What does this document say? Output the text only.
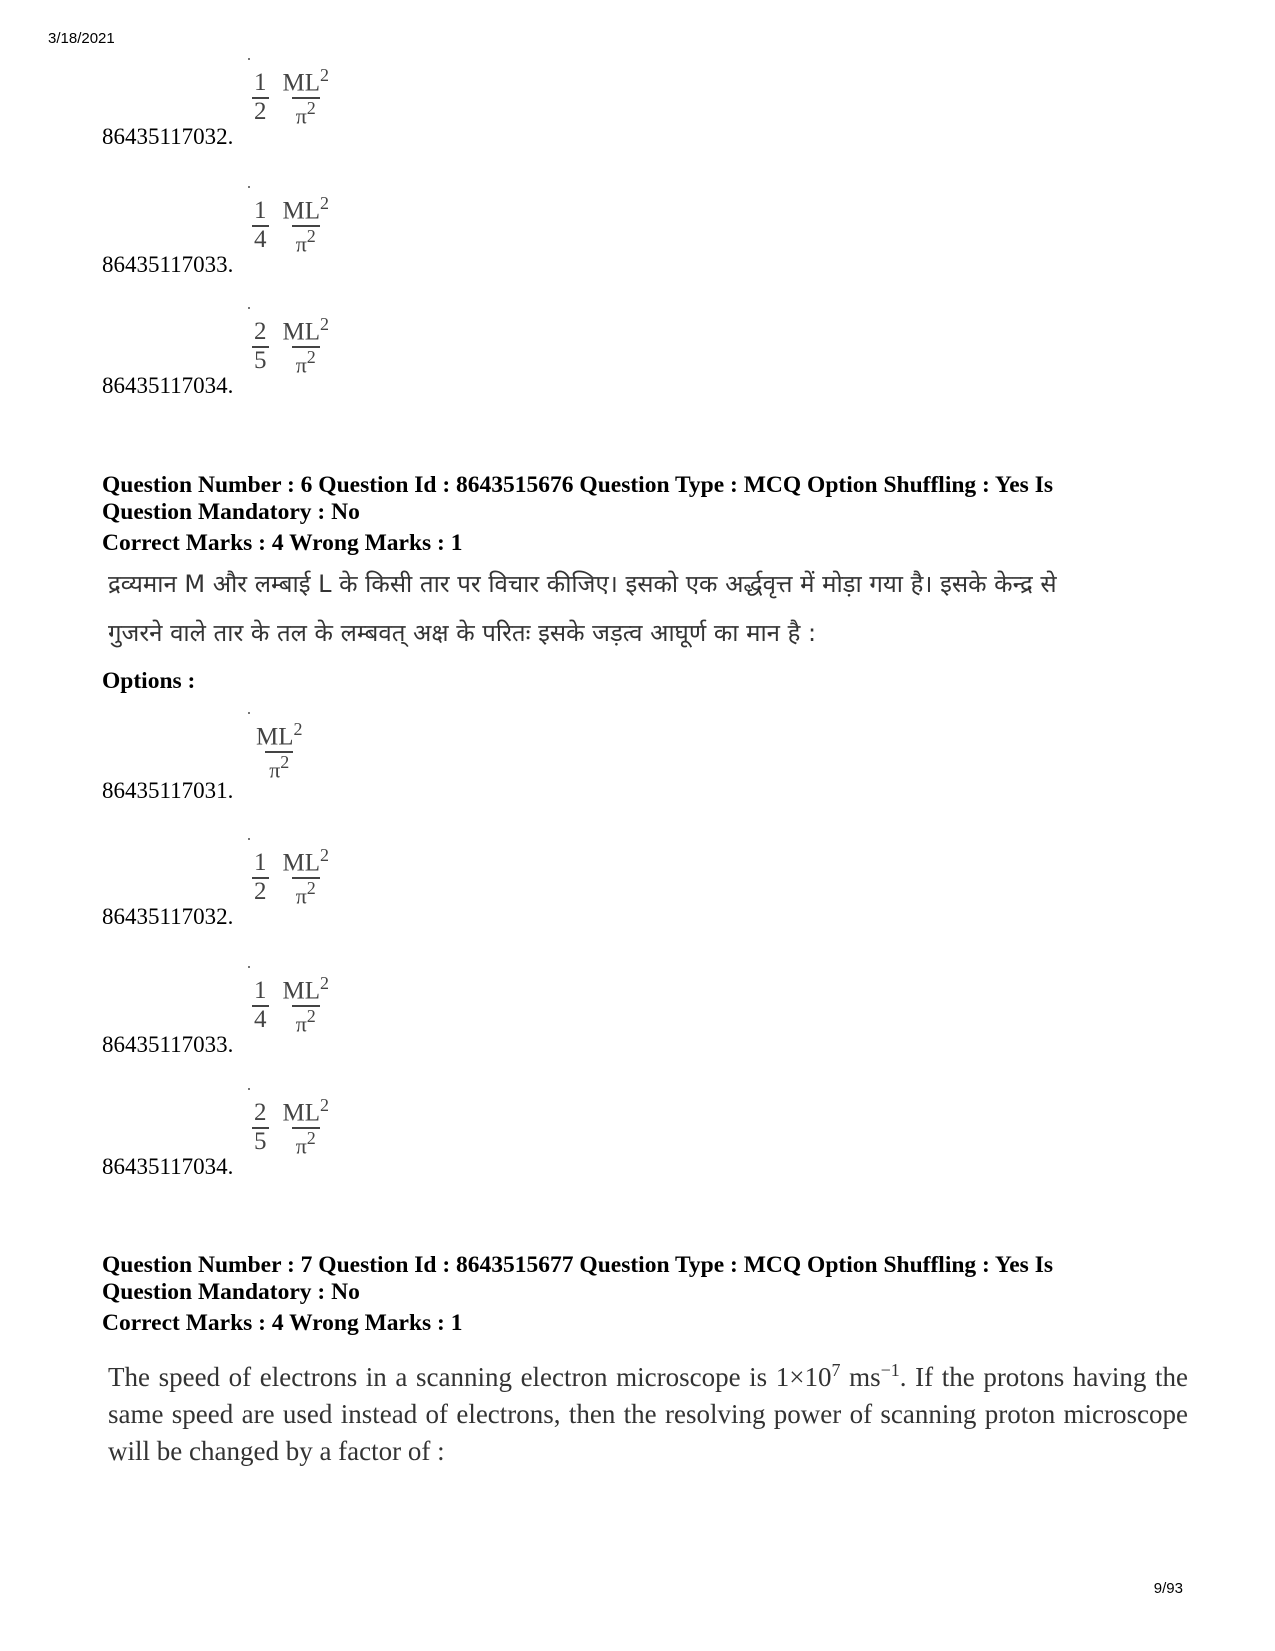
3/18/2021
$\frac{1}{2} \frac{ML^2}{\pi^2}$
86435117032.
$\frac{1}{4} \frac{ML^2}{\pi^2}$
86435117033.
$\frac{2}{5} \frac{ML^2}{\pi^2}$
86435117034.
Question Number : 6 Question Id : 8643515676 Question Type : MCQ Option Shuffling : Yes Is
Question Mandatory : No
Correct Marks : 4 Wrong Marks : 1
द्रव्यमान M और लम्बाई L के किसी तार पर विचार कीजिए। इसको एक अर्द्धवृत्त में मोड़ा गया है। इसके केन्द्र से
गुजरने वाले तार के तल के लम्बवत् अक्ष के परितः इसके जड़त्व आघूर्ण का मान है :
Options :
$\frac{ML^2}{\pi^2}$
86435117031.
$\frac{1}{2} \frac{ML^2}{\pi^2}$
86435117032.
$\frac{1}{4} \frac{ML^2}{\pi^2}$
86435117033.
$\frac{2}{5} \frac{ML^2}{\pi^2}$
86435117034.
Question Number : 7 Question Id : 8643515677 Question Type : MCQ Option Shuffling : Yes Is
Question Mandatory : No
Correct Marks : 4 Wrong Marks : 1
The speed of electrons in a scanning electron microscope is $1\times 10^7$ $ms^{-1}$. If the protons having the same speed are used instead of electrons, then the resolving power of scanning proton microscope will be changed by a factor of :
9/93
